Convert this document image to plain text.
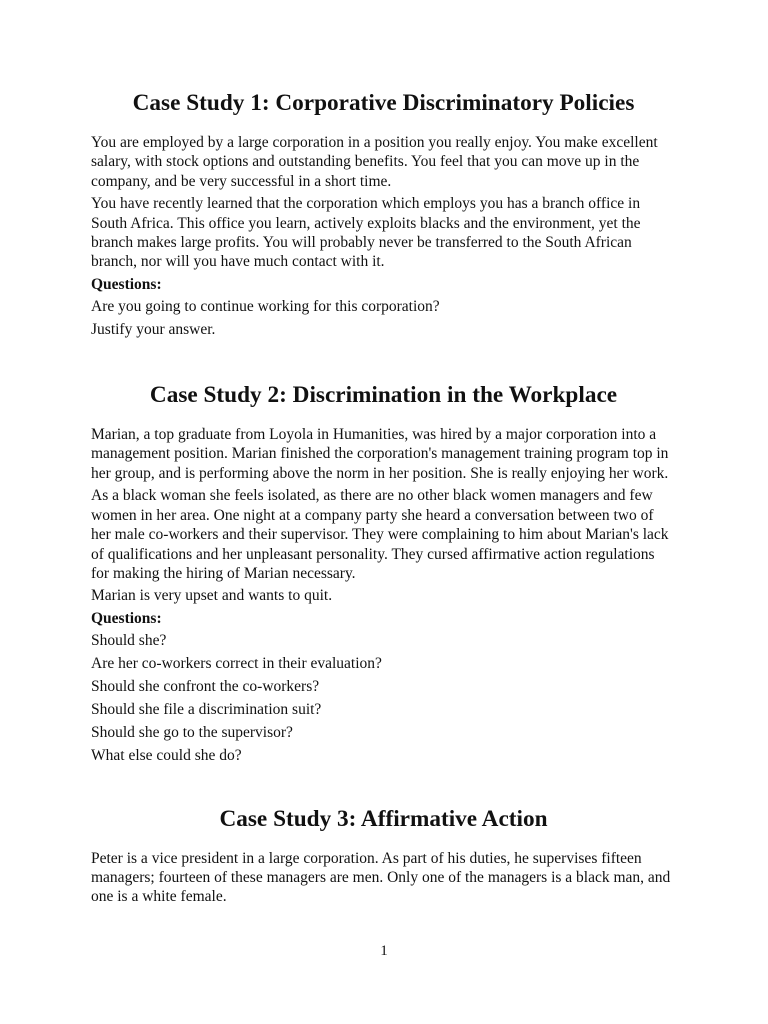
Case Study 1: Corporative Discriminatory Policies

You are employed by a large corporation in a position you really enjoy. You make excellent salary, with stock options and outstanding benefits. You feel that you can move up in the company, and be very successful in a short time.

You have recently learned that the corporation which employs you has a branch office in South Africa. This office you learn, actively exploits blacks and the environment, yet the branch makes large profits. You will probably never be transferred to the South African branch, nor will you have much contact with it.

Questions:

Are you going to continue working for this corporation?

Justify your answer.

Case Study 2: Discrimination in the Workplace

Marian, a top graduate from Loyola in Humanities, was hired by a major corporation into a management position. Marian finished the corporation's management training program top in her group, and is performing above the norm in her position. She is really enjoying her work.

As a black woman she feels isolated, as there are no other black women managers and few women in her area. One night at a company party she heard a conversation between two of her male co-workers and their supervisor. They were complaining to him about Marian's lack of qualifications and her unpleasant personality. They cursed affirmative action regulations for making the hiring of Marian necessary.

Marian is very upset and wants to quit.

Questions:

Should she?

Are her co-workers correct in their evaluation?

Should she confront the co-workers?

Should she file a discrimination suit?

Should she go to the supervisor?

What else could she do?

Case Study 3: Affirmative Action

Peter is a vice president in a large corporation. As part of his duties, he supervises fifteen managers; fourteen of these managers are men. Only one of the managers is a black man, and one is a white female.

1
